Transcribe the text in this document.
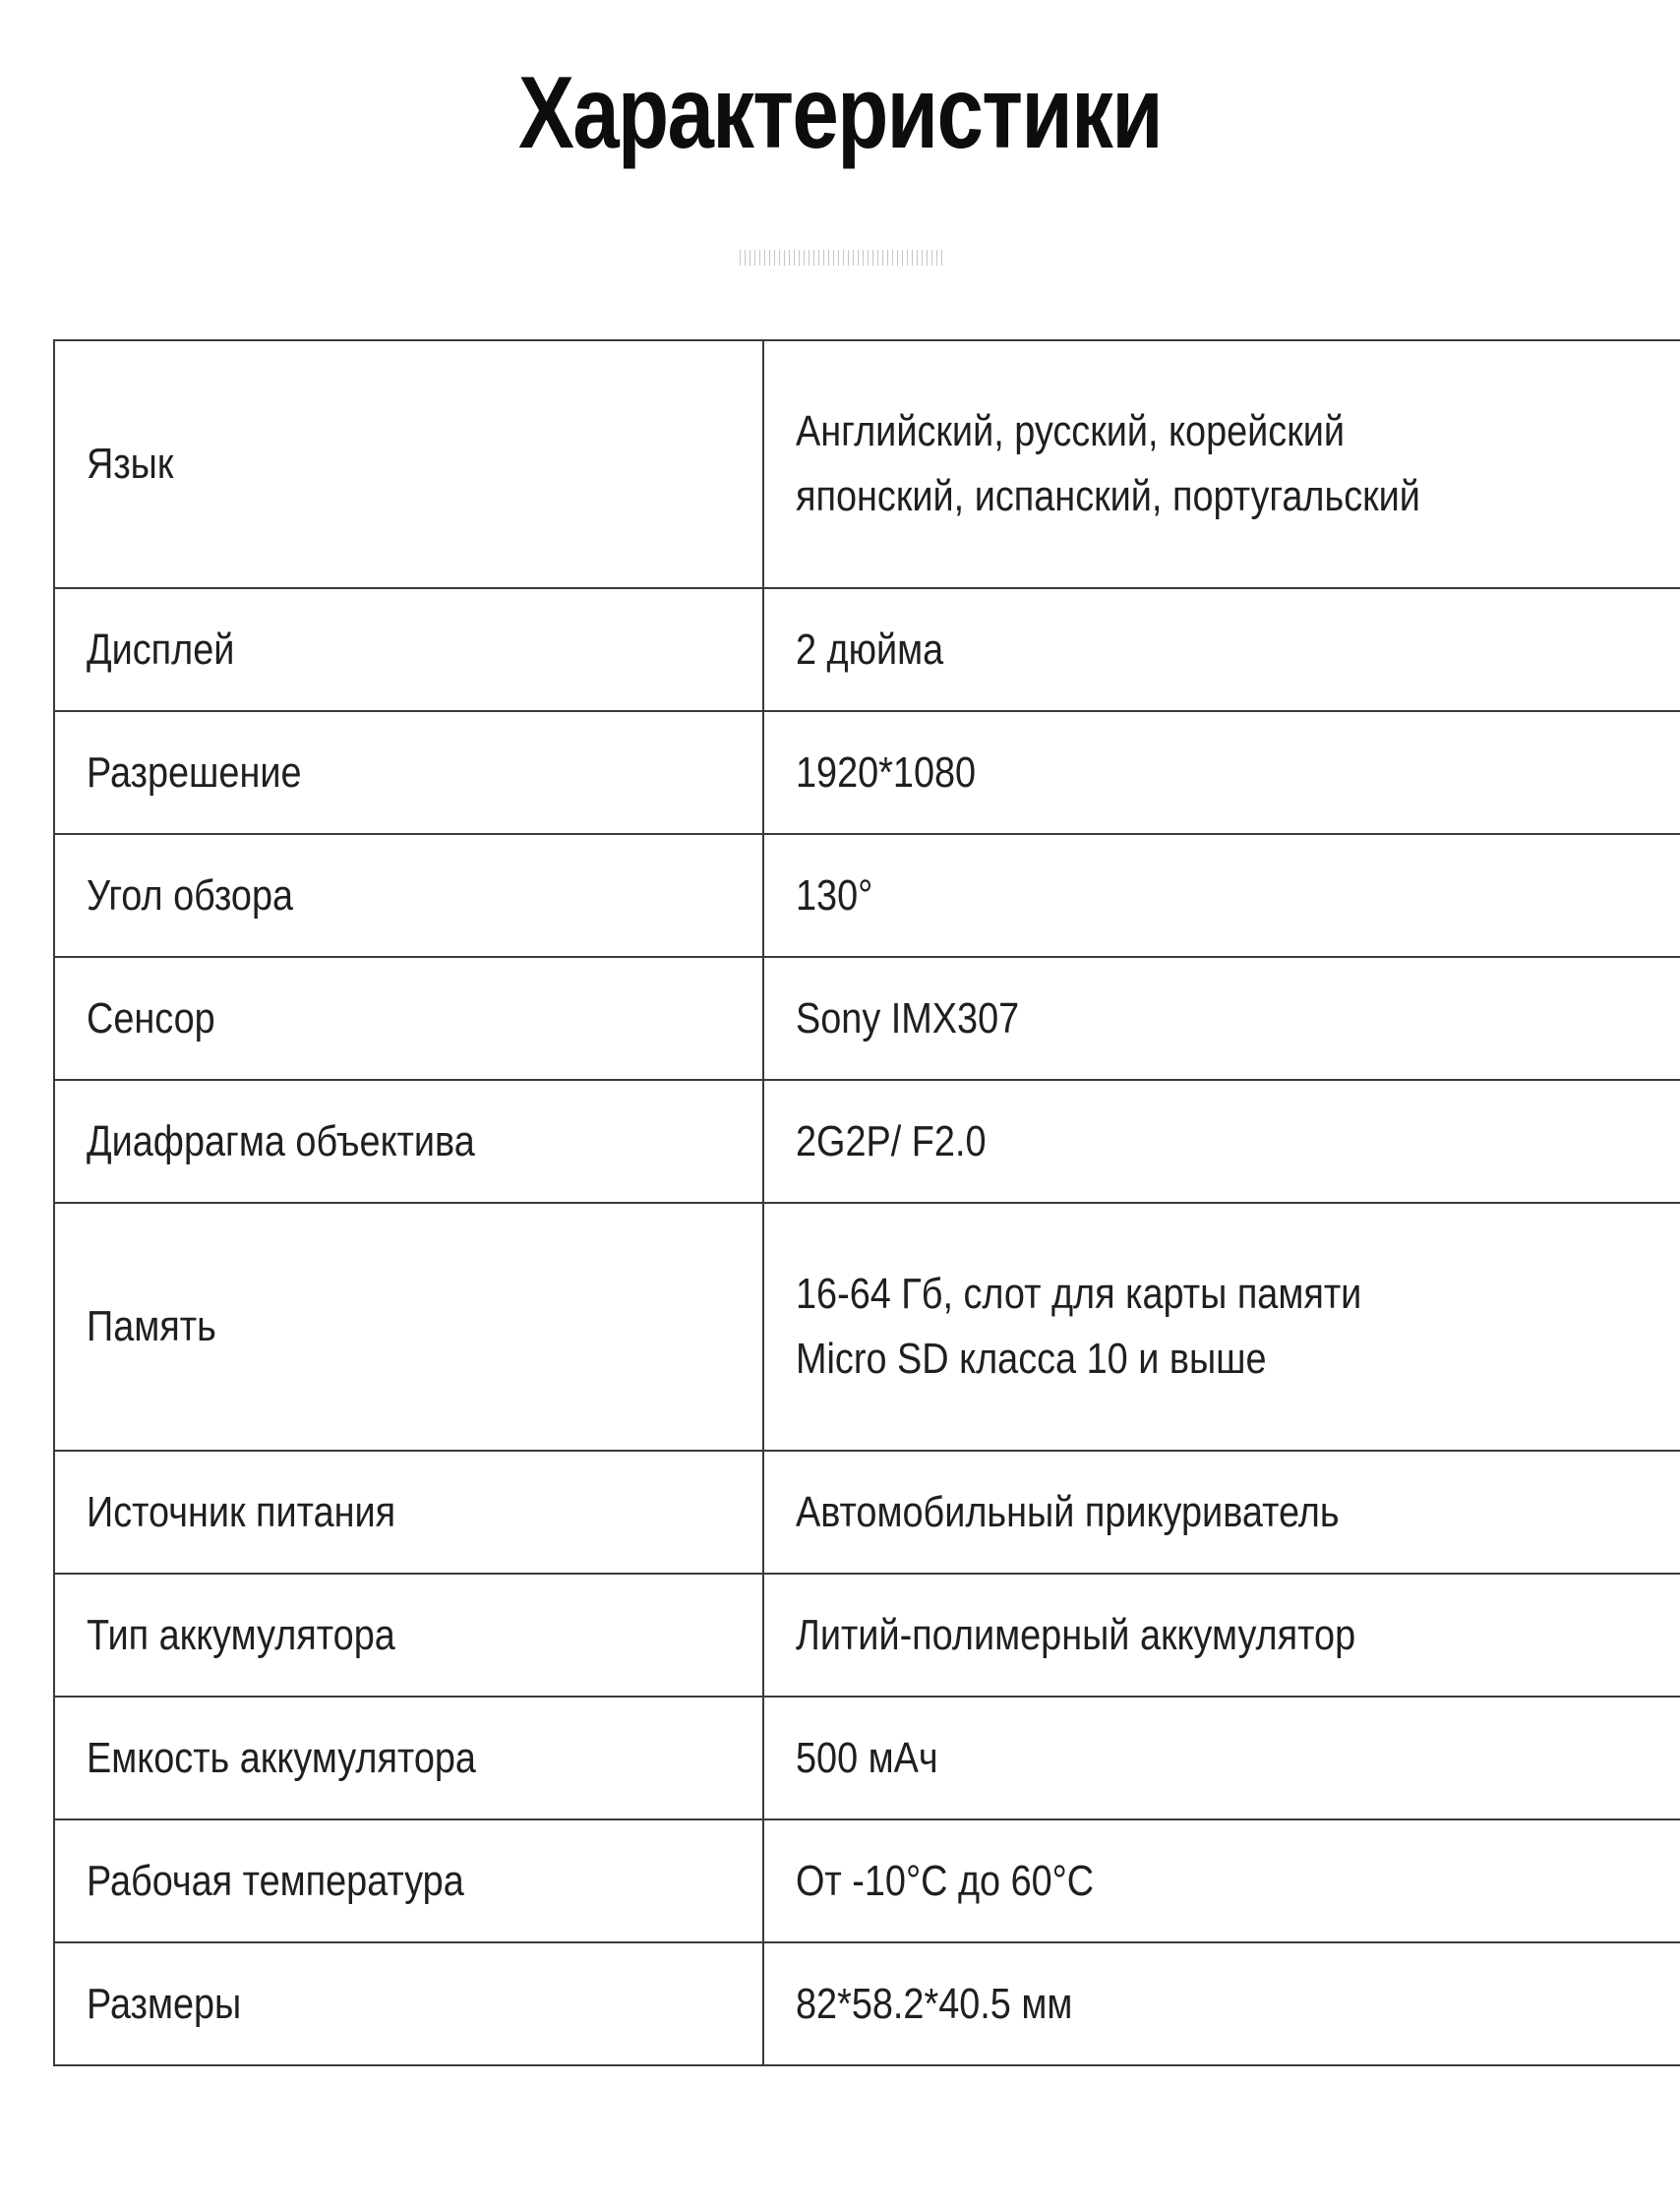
Характеристики
Язык	Английский, русский, корейский
японский, испанский, португальский

Дисплей	2 дюйма
Разрешение	1920*1080
Угол обзора	130°
Сенсор	Sony IMX307
Диафрагма объектива	2G2P/ F2.0
Память	16-64 Гб, слот для карты памяти
Micro SD класса 10 и выше

Источник питания	Автомобильный прикуриватель
Тип аккумулятора	Литий-полимерный аккумулятор
Емкость аккумулятора	500 мАч
Рабочая температура	От -10°C до 60°C
Размеры	82*58.2*40.5 мм
